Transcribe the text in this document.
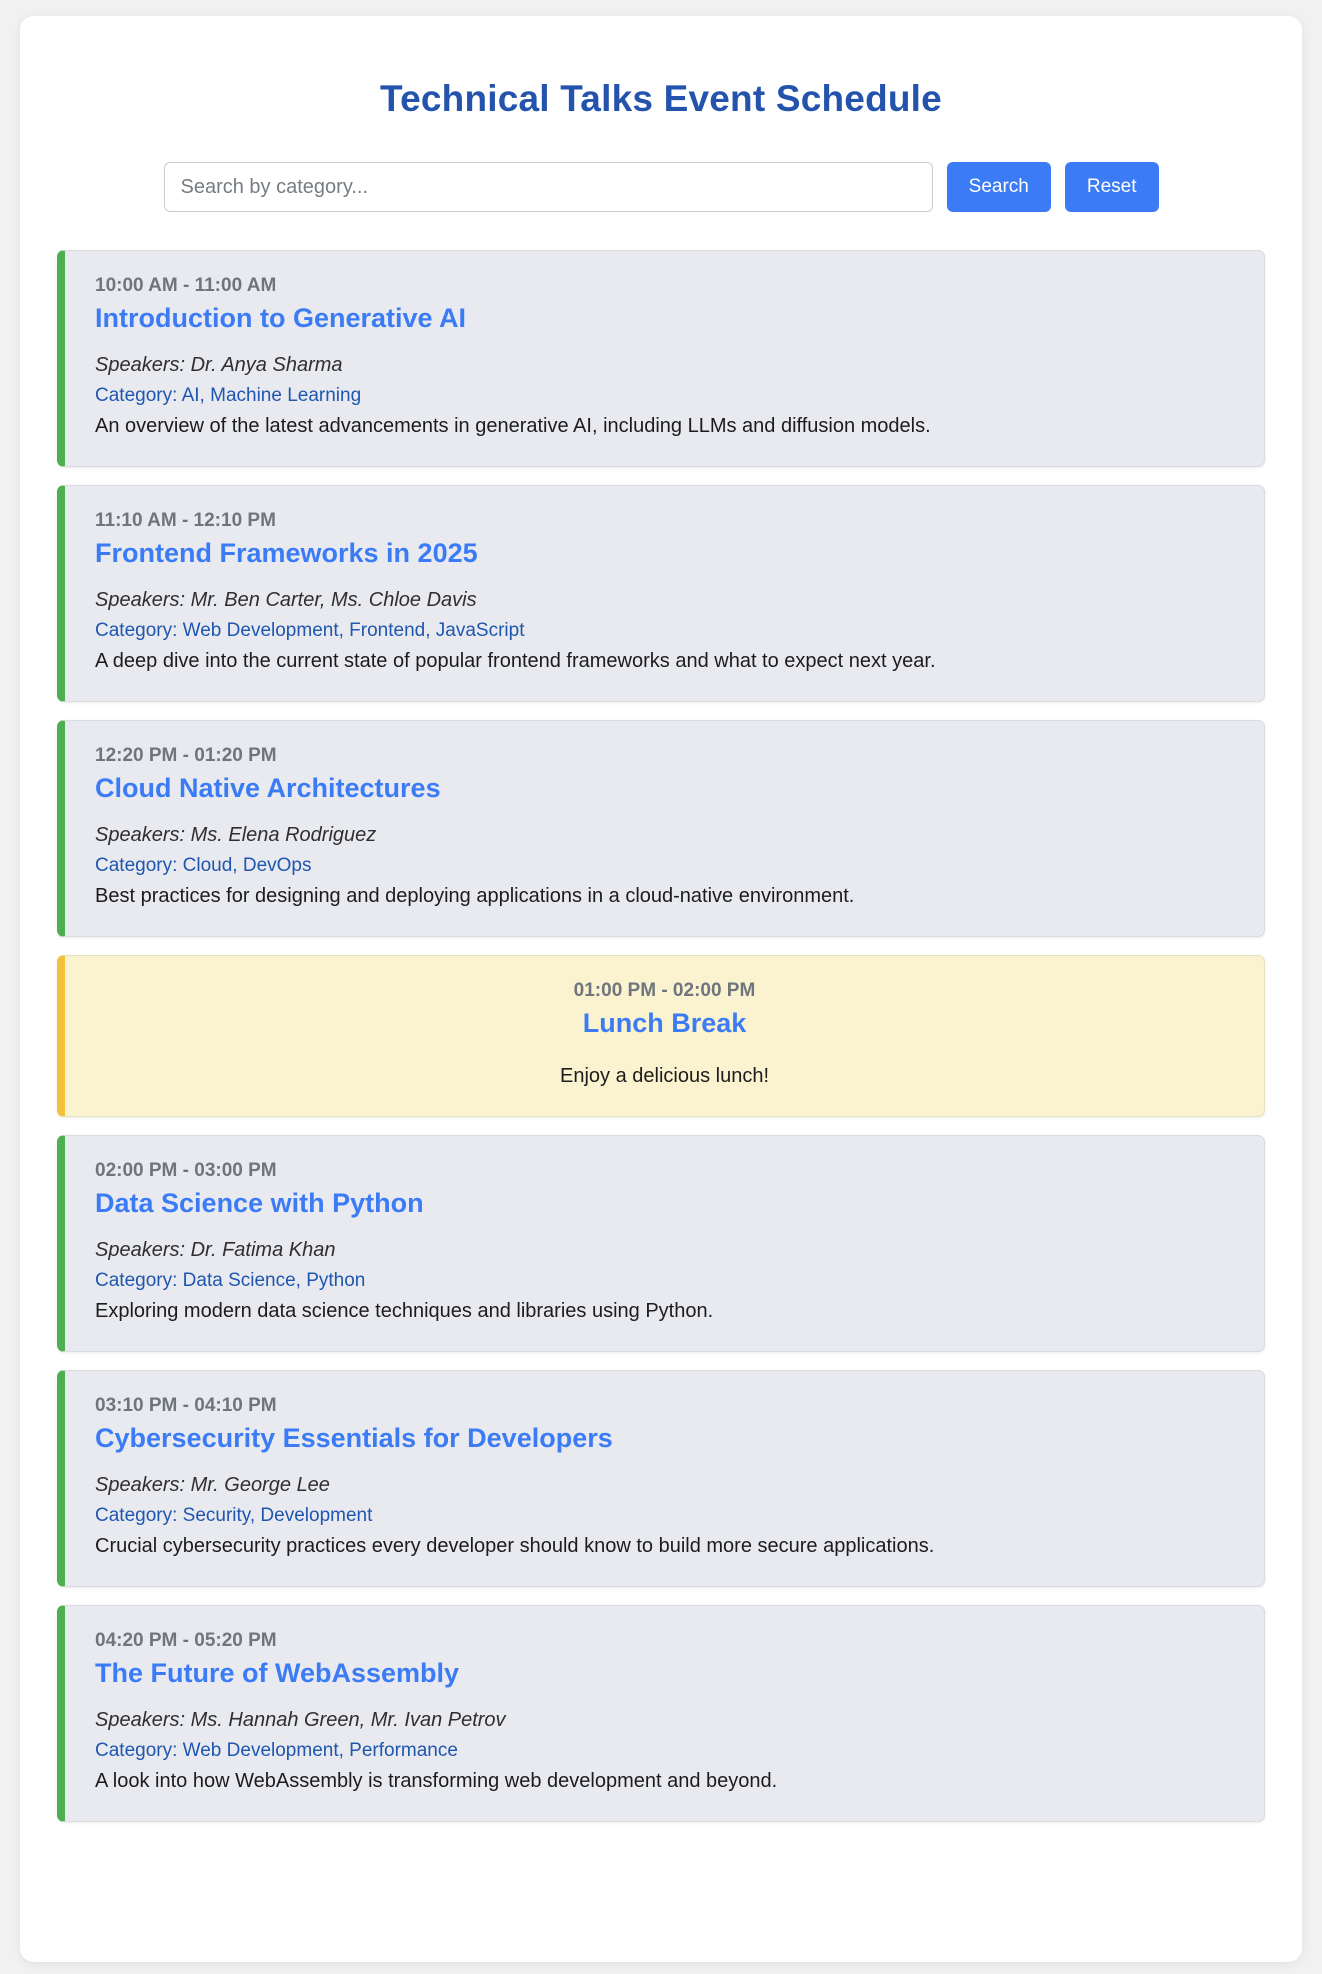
Technical Talks Event Schedule
Search by category...
Search	Reset

10:00 AM - 11:00 AM

Introduction to Generative AI

Speakers: Dr. Anya Sharma

Category: AI, Machine Learning

An overview of the latest advancements in generative AI, including LLMs and diffusion models.

11:10 AM - 12:10 PM

Frontend Frameworks in 2025

Speakers: Mr. Ben Carter, Ms. Chloe Davis

Category: Web Development, Frontend, JavaScript

A deep dive into the current state of popular frontend frameworks and what to expect next year.

12:20 PM - 01:20 PM

Cloud Native Architectures

Speakers: Ms. Elena Rodriguez

Category: Cloud, DevOps

Best practices for designing and deploying applications in a cloud-native environment.

01:00 PM - 02:00 PM

Lunch Break

Enjoy a delicious lunch!

02:00 PM - 03:00 PM

Data Science with Python

Speakers: Dr. Fatima Khan

Category: Data Science, Python

Exploring modern data science techniques and libraries using Python.

03:10 PM - 04:10 PM

Cybersecurity Essentials for Developers

Speakers: Mr. George Lee

Category: Security, Development

Crucial cybersecurity practices every developer should know to build more secure applications.

04:20 PM - 05:20 PM

The Future of WebAssembly

Speakers: Ms. Hannah Green, Mr. Ivan Petrov

Category: Web Development, Performance

A look into how WebAssembly is transforming web development and beyond.
